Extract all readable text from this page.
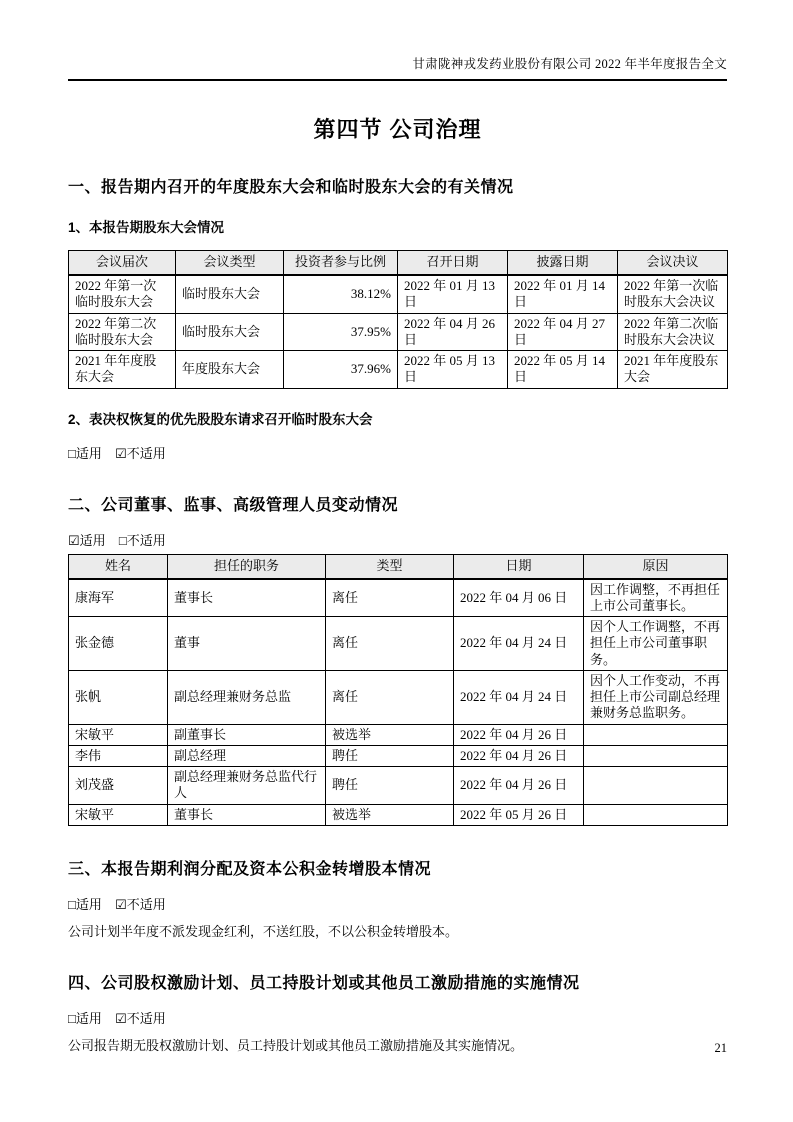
甘肃陇神戎发药业股份有限公司 2022 年半年度报告全文
第四节 公司治理
一、报告期内召开的年度股东大会和临时股东大会的有关情况
1、本报告期股东大会情况
会议届次	会议类型	投资者参与比例	召开日期	披露日期	会议决议
2022 年第一次临时股东大会	临时股东大会	38.12%	2022 年 01 月 13 日	2022 年 01 月 14 日	2022 年第一次临时股东大会决议
2022 年第二次临时股东大会	临时股东大会	37.95%	2022 年 04 月 26 日	2022 年 04 月 27 日	2022 年第二次临时股东大会决议
2021 年年度股东大会	年度股东大会	37.96%	2022 年 05 月 13 日	2022 年 05 月 14 日	2021 年年度股东大会
2、表决权恢复的优先股股东请求召开临时股东大会
□适用 ☑不适用
二、公司董事、监事、高级管理人员变动情况
☑适用 □不适用
姓名	担任的职务	类型	日期	原因
康海军	董事长	离任	2022 年 04 月 06 日	因工作调整，不再担任上市公司董事长。
张金德	董事	离任	2022 年 04 月 24 日	因个人工作调整，不再担任上市公司董事职务。
张帆	副总经理兼财务总监	离任	2022 年 04 月 24 日	因个人工作变动，不再担任上市公司副总经理兼财务总监职务。
宋敏平	副董事长	被选举	2022 年 04 月 26 日	
李伟	副总经理	聘任	2022 年 04 月 26 日	
刘茂盛	副总经理兼财务总监代行人	聘任	2022 年 04 月 26 日	
宋敏平	董事长	被选举	2022 年 05 月 26 日	
三、本报告期利润分配及资本公积金转增股本情况
□适用 ☑不适用

公司计划半年度不派发现金红利，不送红股，不以公积金转增股本。

四、公司股权激励计划、员工持股计划或其他员工激励措施的实施情况
□适用 ☑不适用

公司报告期无股权激励计划、员工持股计划或其他员工激励措施及其实施情况。	21
